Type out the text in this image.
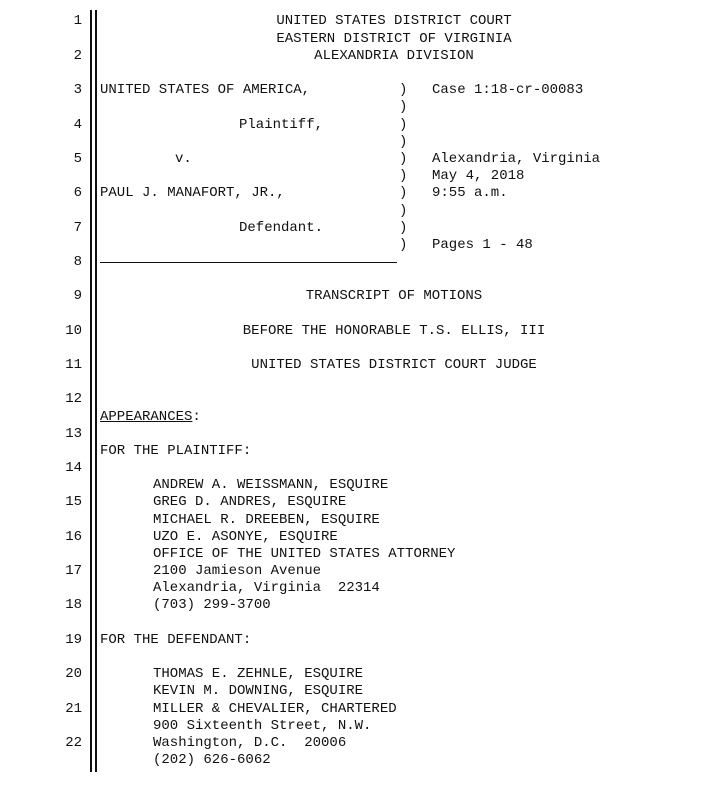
1
2
3
4
5
6
7
8
9
10
11
12
13
14
15
16
17
18
19
20
21
22
UNITED STATES DISTRICT COURT
EASTERN DISTRICT OF VIRGINIA
ALEXANDRIA DIVISION
UNITED STATES OF AMERICA,
Plaintiff,
v.
PAUL J. MANAFORT, JR.,
Defendant.
)
)
)
)
)
)
)
)
)
)
Case 1:18-cr-00083
Alexandria, Virginia
May 4, 2018
9:55 a.m.
Pages 1 - 48
TRANSCRIPT OF MOTIONS
BEFORE THE HONORABLE T.S. ELLIS, III
UNITED STATES DISTRICT COURT JUDGE
APPEARANCES:
FOR THE PLAINTIFF:
ANDREW A. WEISSMANN, ESQUIRE
GREG D. ANDRES, ESQUIRE
MICHAEL R. DREEBEN, ESQUIRE
UZO E. ASONYE, ESQUIRE
OFFICE OF THE UNITED STATES ATTORNEY
2100 Jamieson Avenue
Alexandria, Virginia  22314
(703) 299-3700
FOR THE DEFENDANT:
THOMAS E. ZEHNLE, ESQUIRE
KEVIN M. DOWNING, ESQUIRE
MILLER & CHEVALIER, CHARTERED
900 Sixteenth Street, N.W.
Washington, D.C.  20006
(202) 626-6062
